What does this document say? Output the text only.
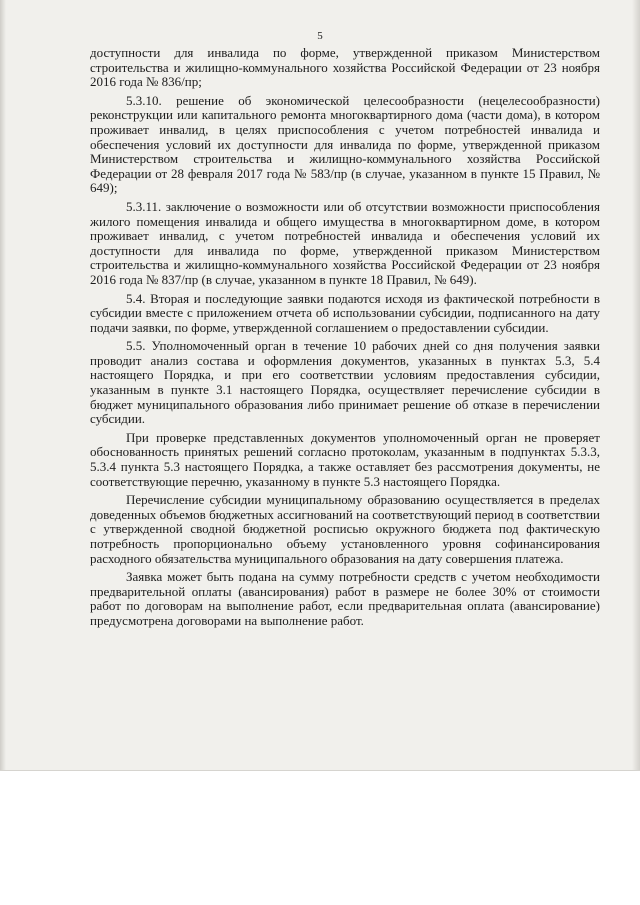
5

доступности для инвалида по форме, утвержденной приказом Министерством строительства и жилищно-коммунального хозяйства Российской Федерации от 23 ноября 2016 года № 836/пр;

5.3.10. решение об экономической целесообразности (нецелесообразности) реконструкции или капитального ремонта многоквартирного дома (части дома), в котором проживает инвалид, в целях приспособления с учетом потребностей инвалида и обеспечения условий их доступности для инвалида по форме, утвержденной приказом Министерством строительства и жилищно-коммунального хозяйства Российской Федерации от 28 февраля 2017 года № 583/пр (в случае, указанном в пункте 15 Правил, № 649);

5.3.11. заключение о возможности или об отсутствии возможности приспособления жилого помещения инвалида и общего имущества в многоквартирном доме, в котором проживает инвалид, с учетом потребностей инвалида и обеспечения условий их доступности для инвалида по форме, утвержденной приказом Министерством строительства и жилищно-коммунального хозяйства Российской Федерации от 23 ноября 2016 года № 837/пр (в случае, указанном в пункте 18 Правил, № 649).

5.4. Вторая и последующие заявки подаются исходя из фактической потребности в субсидии вместе с приложением отчета об использовании субсидии, подписанного на дату подачи заявки, по форме, утвержденной соглашением о предоставлении субсидии.

5.5. Уполномоченный орган в течение 10 рабочих дней со дня получения заявки проводит анализ состава и оформления документов, указанных в пунктах 5.3, 5.4 настоящего Порядка, и при его соответствии условиям предоставления субсидии, указанным в пункте 3.1 настоящего Порядка, осуществляет перечисление субсидии в бюджет муниципального образования либо принимает решение об отказе в перечислении субсидии.

При проверке представленных документов уполномоченный орган не проверяет обоснованность принятых решений согласно протоколам, указанным в подпунктах 5.3.3, 5.3.4 пункта 5.3 настоящего Порядка, а также оставляет без рассмотрения документы, не соответствующие перечню, указанному в пункте 5.3 настоящего Порядка.

Перечисление субсидии муниципальному образованию осуществляется в пределах доведенных объемов бюджетных ассигнований на соответствующий период в соответствии с утвержденной сводной бюджетной росписью окружного бюджета под фактическую потребность пропорционально объему установленного уровня софинансирования расходного обязательства муниципального образования на дату совершения платежа.

Заявка может быть подана на сумму потребности средств с учетом необходимости предварительной оплаты (авансирования) работ в размере не более 30% от стоимости работ по договорам на выполнение работ, если предварительная оплата (авансирование) предусмотрена договорами на выполнение работ.
